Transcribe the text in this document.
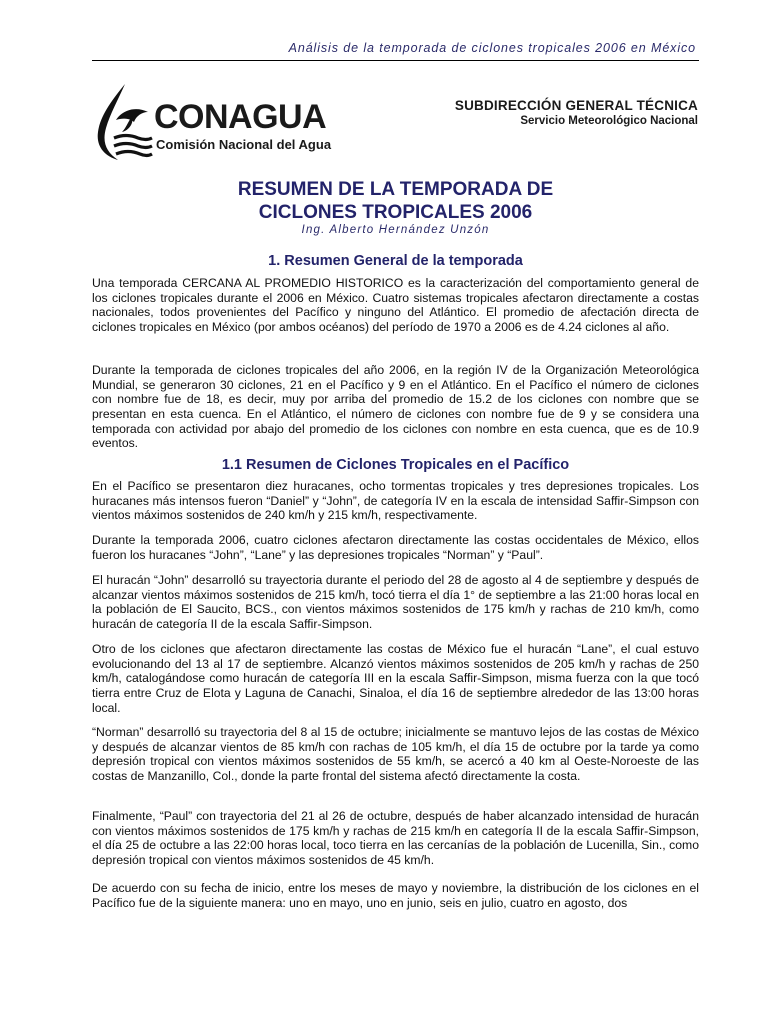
Análisis de la temporada de ciclones tropicales 2006 en México
CONAGUA
Comisión Nacional del Agua
SUBDIRECCIÓN GENERAL TÉCNICA
Servicio Meteorológico Nacional
RESUMEN DE LA TEMPORADA DE
CICLONES TROPICALES 2006
Ing. Alberto Hernández Unzón
1. Resumen General de la temporada

Una temporada CERCANA AL PROMEDIO HISTORICO es la caracterización del comportamiento general de los ciclones tropicales durante el 2006 en México. Cuatro sistemas tropicales afectaron directamente a costas nacionales, todos provenientes del Pacífico y ninguno del Atlántico. El promedio de afectación directa de ciclones tropicales en México (por ambos océanos) del período de 1970 a 2006 es de 4.24 ciclones al año.

Durante la temporada de ciclones tropicales del año 2006, en la región IV de la Organización Meteorológica Mundial, se generaron 30 ciclones, 21 en el Pacífico y 9 en el Atlántico. En el Pacífico el número de ciclones con nombre fue de 18, es decir, muy por arriba del promedio de 15.2 de los ciclones con nombre que se presentan en esta cuenca. En el Atlántico, el número de ciclones con nombre fue de 9 y se considera una temporada con actividad por abajo del promedio de los ciclones con nombre en esta cuenca, que es de 10.9 eventos.

1.1 Resumen de Ciclones Tropicales en el Pacífico

En el Pacífico se presentaron diez huracanes, ocho tormentas tropicales y tres depresiones tropicales. Los huracanes más intensos fueron “Daniel” y “John”, de categoría IV en la escala de intensidad Saffir-Simpson con vientos máximos sostenidos de 240 km/h y 215 km/h, respectivamente.

Durante la temporada 2006, cuatro ciclones afectaron directamente las costas occidentales de México, ellos fueron los huracanes “John”, “Lane” y las depresiones tropicales “Norman” y “Paul”.

El huracán “John” desarrolló su trayectoria durante el periodo del 28 de agosto al 4 de septiembre y después de alcanzar vientos máximos sostenidos de 215 km/h, tocó tierra el día 1° de septiembre a las 21:00 horas local en la población de El Saucito, BCS., con vientos máximos sostenidos de 175 km/h y rachas de 210 km/h, como huracán de categoría II de la escala Saffir-Simpson.

Otro de los ciclones que afectaron directamente las costas de México fue el huracán “Lane”, el cual estuvo evolucionando del 13 al 17 de septiembre. Alcanzó vientos máximos sostenidos de 205 km/h y rachas de 250 km/h, catalogándose como huracán de categoría III en la escala Saffir-Simpson, misma fuerza con la que tocó tierra entre Cruz de Elota y Laguna de Canachi, Sinaloa, el día 16 de septiembre alrededor de las 13:00 horas local.

“Norman” desarrolló su trayectoria del 8 al 15 de octubre; inicialmente se mantuvo lejos de las costas de México y después de alcanzar vientos de 85 km/h con rachas de 105 km/h, el día 15 de octubre por la tarde ya como depresión tropical con vientos máximos sostenidos de 55 km/h, se acercó a 40 km al Oeste-Noroeste de las costas de Manzanillo, Col., donde la parte frontal del sistema afectó directamente la costa.

Finalmente, “Paul” con trayectoria del 21 al 26 de octubre, después de haber alcanzado intensidad de huracán con vientos máximos sostenidos de 175 km/h y rachas de 215 km/h en categoría II de la escala Saffir-Simpson, el día 25 de octubre a las 22:00 horas local, toco tierra en las cercanías de la población de Lucenilla, Sin., como depresión tropical con vientos máximos sostenidos de 45 km/h.

De acuerdo con su fecha de inicio, entre los meses de mayo y noviembre, la distribución de los ciclones en el Pacífico fue de la siguiente manera: uno en mayo, uno en junio, seis en julio, cuatro en agosto, dos
